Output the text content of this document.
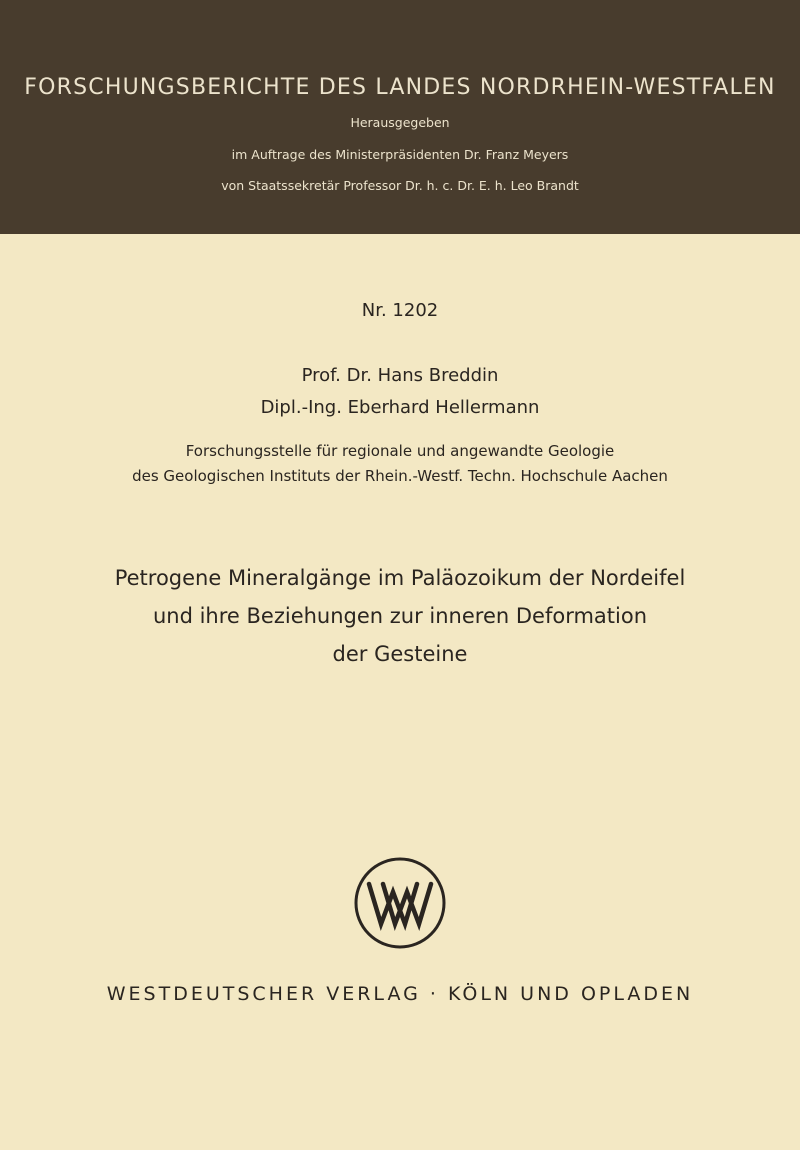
FORSCHUNGSBERICHTE DES LANDES NORDRHEIN-WESTFALEN
Herausgegeben
im Auftrage des Ministerpräsidenten Dr. Franz Meyers
von Staatssekretär Professor Dr. h. c. Dr. E. h. Leo Brandt
Nr. 1202
Prof. Dr. Hans Breddin
Dipl.-Ing. Eberhard Hellermann
Forschungsstelle für regionale und angewandte Geologie
des Geologischen Instituts der Rhein.-Westf. Techn. Hochschule Aachen
Petrogene Mineralgänge im Paläozoikum der Nordeifel
und ihre Beziehungen zur inneren Deformation
der Gesteine
WESTDEUTSCHER VERLAG · KÖLN UND OPLADEN
